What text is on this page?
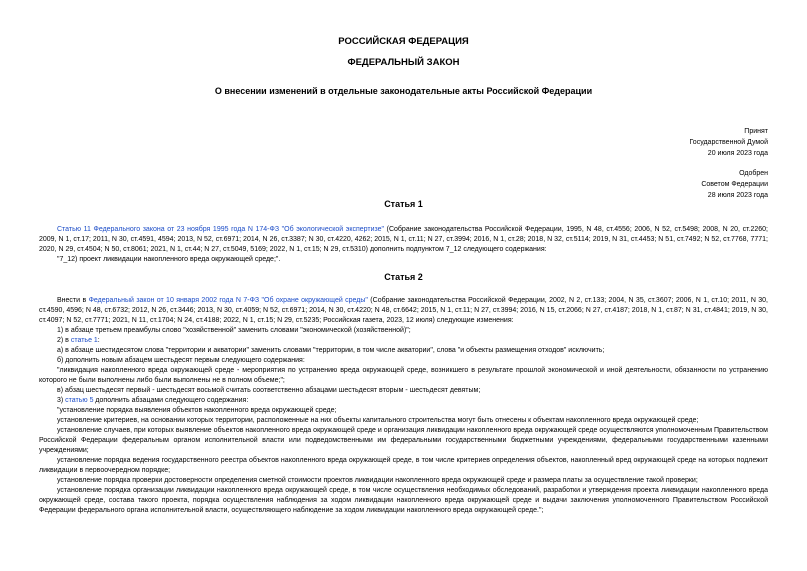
РОССИЙСКАЯ ФЕДЕРАЦИЯ
ФЕДЕРАЛЬНЫЙ ЗАКОН
О внесении изменений в отдельные законодательные акты Российской Федерации
Принят
Государственной Думой
20 июля 2023 года
Одобрен
Советом Федерации
28 июля 2023 года
Статья 1

Статью 11 Федерального закона от 23 ноября 1995 года N 174-ФЗ "Об экологической экспертизе" (Собрание законодательства Российской Федерации, 1995, N 48, ст.4556; 2006, N 52, ст.5498; 2008, N 20, ст.2260; 2009, N 1, ст.17; 2011, N 30, ст.4591, 4594; 2013, N 52, ст.6971; 2014, N 26, ст.3387; N 30, ст.4220, 4262; 2015, N 1, ст.11; N 27, ст.3994; 2016, N 1, ст.28; 2018, N 32, ст.5114; 2019, N 31, ст.4453; N 51, ст.7492; N 52, ст.7768, 7771; 2020, N 29, ст.4504; N 50, ст.8061; 2021, N 1, ст.44; N 27, ст.5049, 5169; 2022, N 1, ст.15; N 29, ст.5310) дополнить подпунктом 7_12 следующего содержания:

"7_12) проект ликвидации накопленного вреда окружающей среде;".

Статья 2

Внести в Федеральный закон от 10 января 2002 года N 7-ФЗ "Об охране окружающей среды" (Собрание законодательства Российской Федерации, 2002, N 2, ст.133; 2004, N 35, ст.3607; 2006, N 1, ст.10; 2011, N 30, ст.4590, 4596; N 48, ст.6732; 2012, N 26, ст.3446; 2013, N 30, ст.4059; N 52, ст.6971; 2014, N 30, ст.4220; N 48, ст.6642; 2015, N 1, ст.11; N 27, ст.3994; 2016, N 15, ст.2066; N 27, ст.4187; 2018, N 1, ст.87; N 31, ст.4841; 2019, N 30, ст.4097; N 52, ст.7771; 2021, N 11, ст.1704; N 24, ст.4188; 2022, N 1, ст.15; N 29, ст.5235; Российская газета, 2023, 12 июля) следующие изменения:

1) в абзаце третьем преамбулы слово "хозяйственной" заменить словами "экономической (хозяйственной)";

2) в статье 1:

а) в абзаце шестидесятом слова "территории и акватории" заменить словами "территории, в том числе акватории", слова "и объекты размещения отходов" исключить;

б) дополнить новым абзацем шестьдесят первым следующего содержания:

"ликвидация накопленного вреда окружающей среде - мероприятия по устранению вреда окружающей среде, возникшего в результате прошлой экономической и иной деятельности, обязанности по устранению которого не были выполнены либо были выполнены не в полном объеме;";

в) абзац шестьдесят первый - шестьдесят восьмой считать соответственно абзацами шестьдесят вторым - шестьдесят девятым;

3) статью 5 дополнить абзацами следующего содержания:

"установление порядка выявления объектов накопленного вреда окружающей среде;

установление критериев, на основании которых территории, расположенные на них объекты капитального строительства могут быть отнесены к объектам накопленного вреда окружающей среде;

установление случаев, при которых выявление объектов накопленного вреда окружающей среде и организация ликвидации накопленного вреда окружающей среде осуществляются уполномоченным Правительством Российской Федерации федеральным органом исполнительной власти или подведомственными им федеральными государственными бюджетными учреждениями, федеральными государственными казенными учреждениями;

установление порядка ведения государственного реестра объектов накопленного вреда окружающей среде, в том числе критериев определения объектов, накопленный вред окружающей среде на которых подлежит ликвидации в первоочередном порядке;

установление порядка проверки достоверности определения сметной стоимости проектов ликвидации накопленного вреда окружающей среде и размера платы за осуществление такой проверки;

установление порядка организации ликвидации накопленного вреда окружающей среде, в том числе осуществления необходимых обследований, разработки и утверждения проекта ликвидации накопленного вреда окружающей среде, состава такого проекта, порядка осуществления наблюдения за ходом ликвидации накопленного вреда окружающей среде и выдачи заключения уполномоченного Правительством Российской Федерации федерального органа исполнительной власти, осуществляющего наблюдение за ходом ликвидации накопленного вреда окружающей среде.";
